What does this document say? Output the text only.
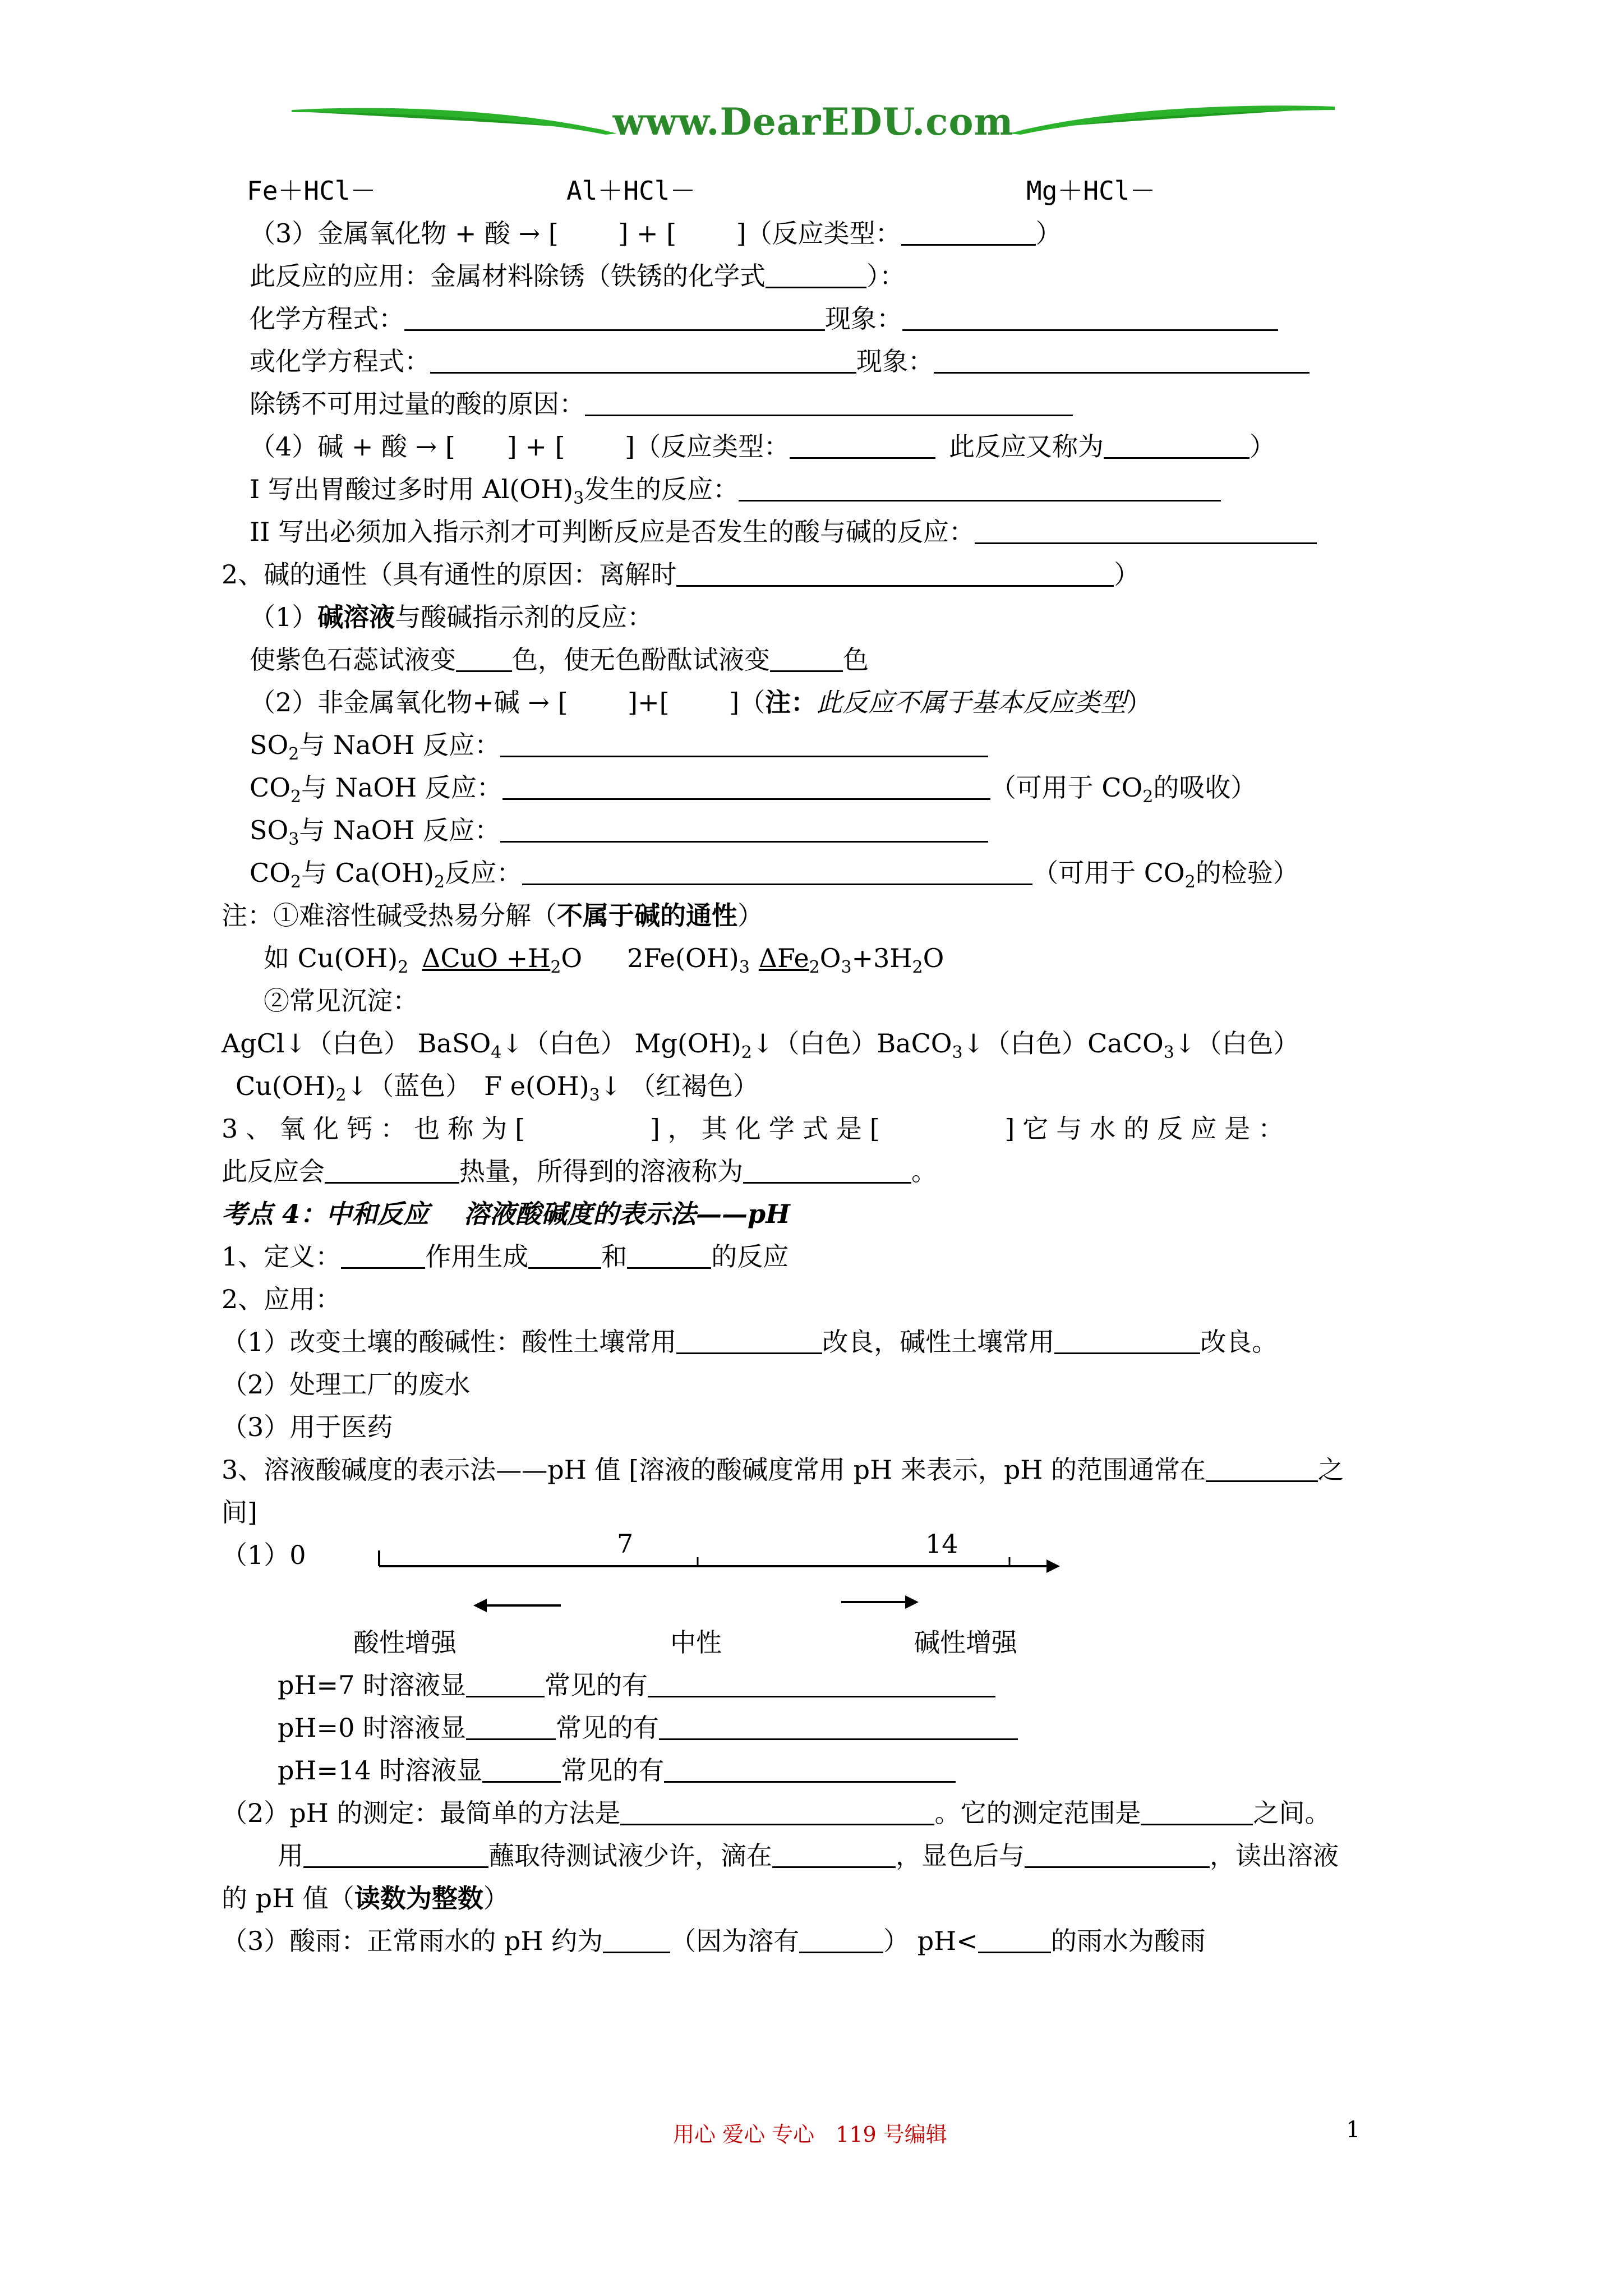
www.DearEDU.com
Fe＋HCl－	Al＋HCl－	Mg＋HCl－
（3）金属氧化物 + 酸 → [　　 ] + [　　 ]（反应类型：	）
此反应的应用：金属材料除锈（铁锈的化学式	）：
化学方程式：	现象：
或化学方程式：	现象：
除锈不可用过量的酸的原因：
（4）碱 + 酸 → [　　] + [　　 ]（反应类型：	此反应又称为	）
I 写出胃酸过多时用 $Al(OH)_3$发生的反应：
II 写出必须加入指示剂才可判断反应是否发生的酸与碱的反应：
2、碱的通性（具有通性的原因：离解时	）
（1）碱溶液与酸碱指示剂的反应：
使紫色石蕊试液变 色，使无色酚酞试液变	色
（2）非金属氧化物+碱 → [　　 ]+[　　 ]（注：此反应不属于基本反应类型）
$SO_2$与 NaOH 反应：
$CO_2$与 NaOH 反应：	（可用于 $CO_2$的吸收）
$SO_3$与 NaOH 反应：
$CO_2$与 $Ca(OH)_2$反应：	（可用于 $CO_2$的检验）
注：①难溶性碱受热易分解（不属于碱的通性）
如 $Cu(OH)_2$ $\Delta CuO +H_2O$ $2Fe(OH)_3$ $\Delta Fe_2O_3+3H_2O$
②常见沉淀：
AgCl↓（白色） BaSO$_4$↓（白色） $Mg(OH)_2↓$（白色）BaCO$_3$↓（白色）CaCO$_3$↓（白色）
$Cu(OH)_2↓$（蓝色）　F $e(OH)_3↓$ （红褐色）
3、氧化钙：也称为[　　　 ]，其化学式是[　　　 ]它与水的反应是：
此反应会	热量，所得到的溶液称为	。
考点 4：中和反应　 溶液酸碱度的表示法——pH
1、定义：	作用生成	和	的反应
2、应用：
（1）改变土壤的酸碱性：酸性土壤常用	改良，碱性土壤常用	改良。
（2）处理工厂的废水
（3）用于医药
3、溶液酸碱度的表示法——pH 值 [溶液的酸碱度常用 pH 来表示，pH 的范围通常在	之
间]
（1）0	7	14
酸性增强	中性	碱性增强
pH=7 时溶液显	常见的有
pH=0 时溶液显	常见的有
pH=14 时溶液显	常见的有
（2）pH 的测定：最简单的方法是	。它的测定范围是	之间。
用	蘸取待测试液少许，滴在	，显色后与	，读出溶液
的 pH 值（读数为整数）
（3）酸雨：正常雨水的 pH 约为	（因为溶有	） pH<	的雨水为酸雨
用心 爱心 专心　119 号编辑	1
